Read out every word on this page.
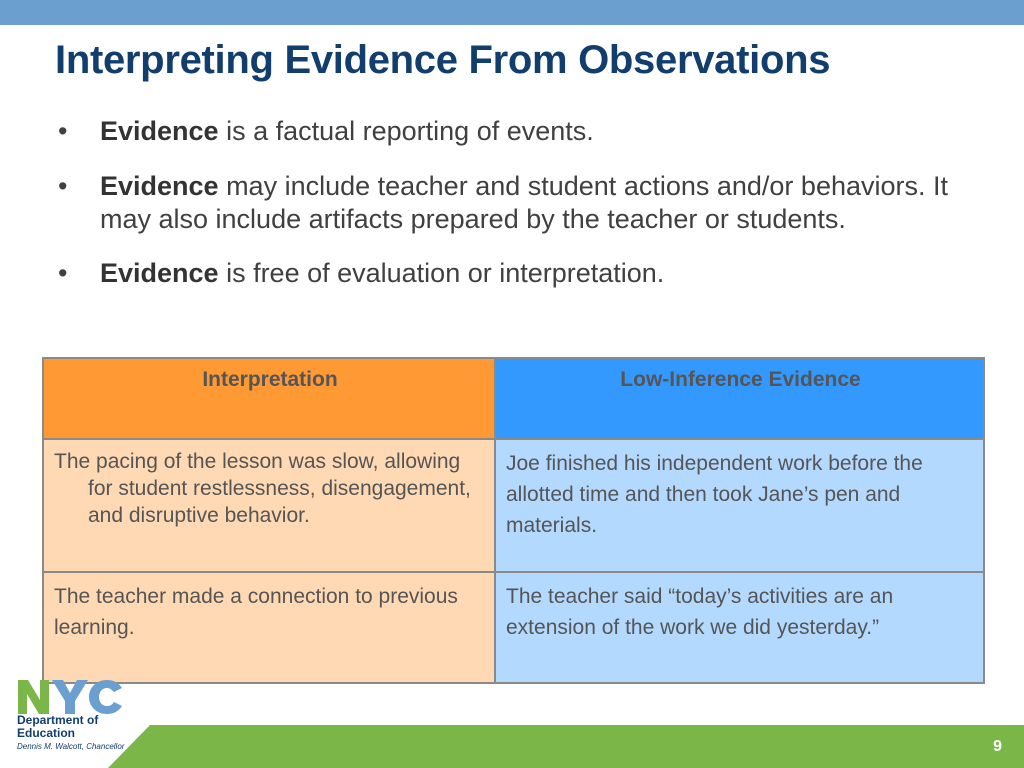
Interpreting Evidence From Observations
•	Evidence is a factual reporting of events.
•	Evidence may include teacher and student actions and/or behaviors. It may also include artifacts prepared by the teacher or students.
•	Evidence is free of evaluation or interpretation.
Interpretation	Low-Inference Evidence

The pacing of the lesson was slow, allowing for student restlessness, disengagement, and disruptive behavior.	Joe finished his independent work before the allotted time and then took Jane’s pen and materials.

The teacher made a connection to previous learning.	The teacher said “today’s activities are an extension of the work we did yesterday.”
9
Department of Education
Dennis M. Walcott, Chancellor
